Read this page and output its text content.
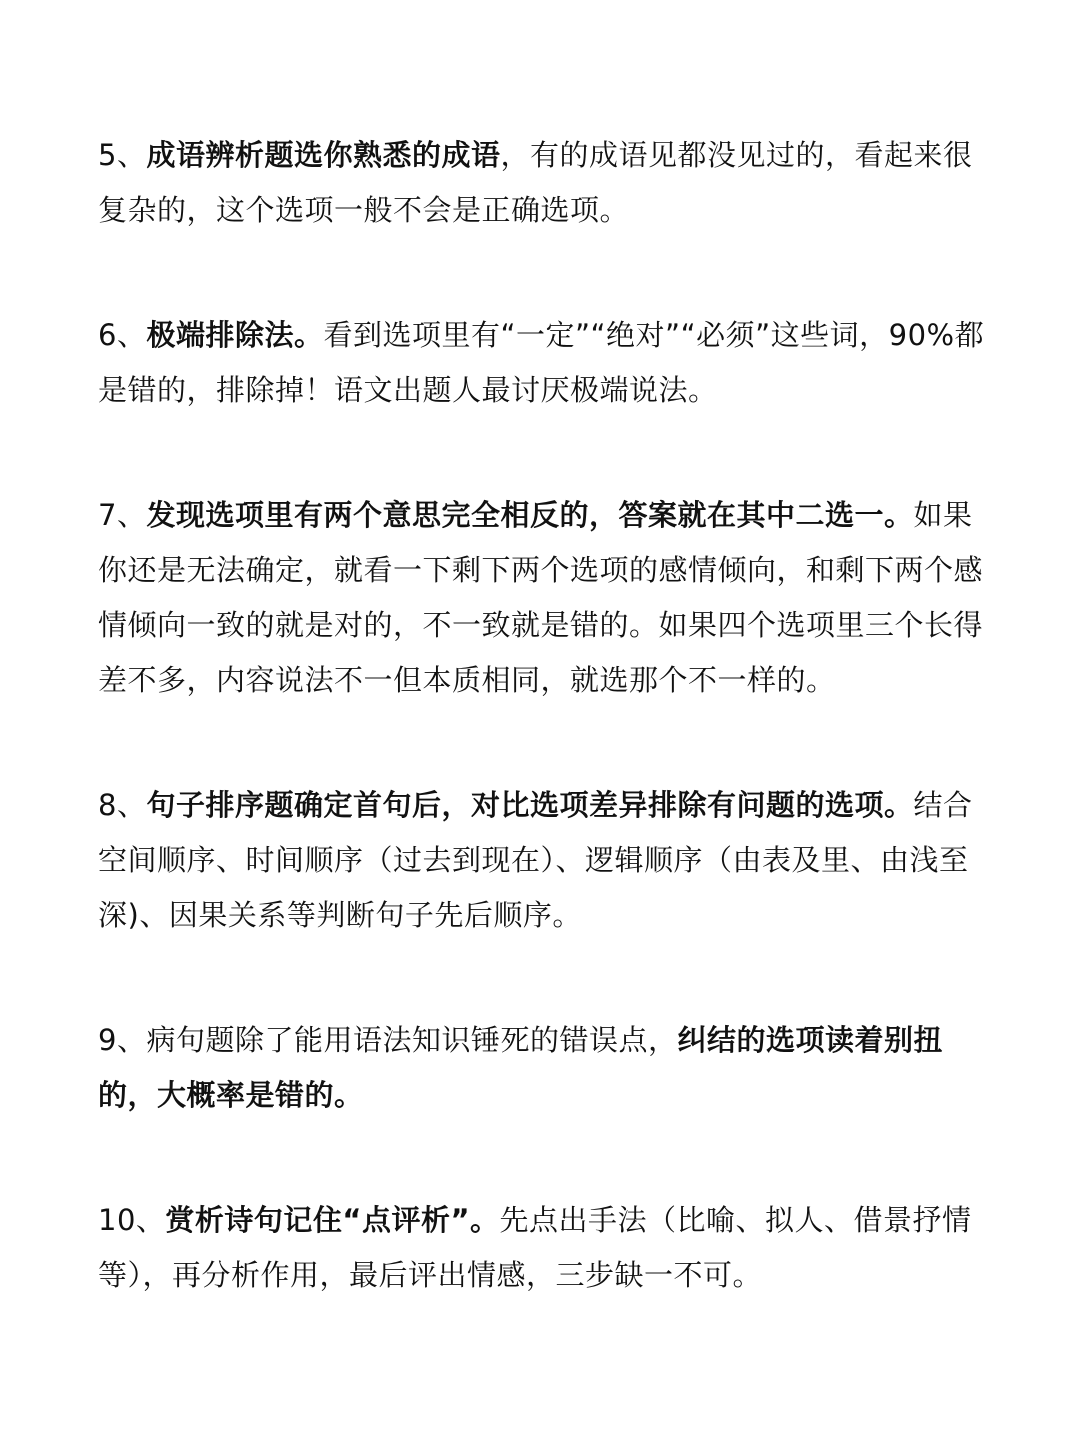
5、成语辨析题选你熟悉的成语，有的成语见都没见过的，看起来很复杂的，这个选项一般不会是正确选项。

6、极端排除法。看到选项里有“一定”“绝对”“必须”这些词，90%都是错的，排除掉！语文出题人最讨厌极端说法。

7、发现选项里有两个意思完全相反的，答案就在其中二选一。如果你还是无法确定，就看一下剩下两个选项的感情倾向，和剩下两个感情倾向一致的就是对的，不一致就是错的。如果四个选项里三个长得差不多，内容说法不一但本质相同，就选那个不一样的。

8、句子排序题确定首句后，对比选项差异排除有问题的选项。结合空间顺序、时间顺序（过去到现在）、逻辑顺序（由表及里、由浅至深)、因果关系等判断句子先后顺序。

9、病句题除了能用语法知识锤死的错误点，纠结的选项读着别扭的，大概率是错的。

10、赏析诗句记住“点评析”。先点出手法（比喻、拟人、借景抒情等），再分析作用，最后评出情感，三步缺一不可。
